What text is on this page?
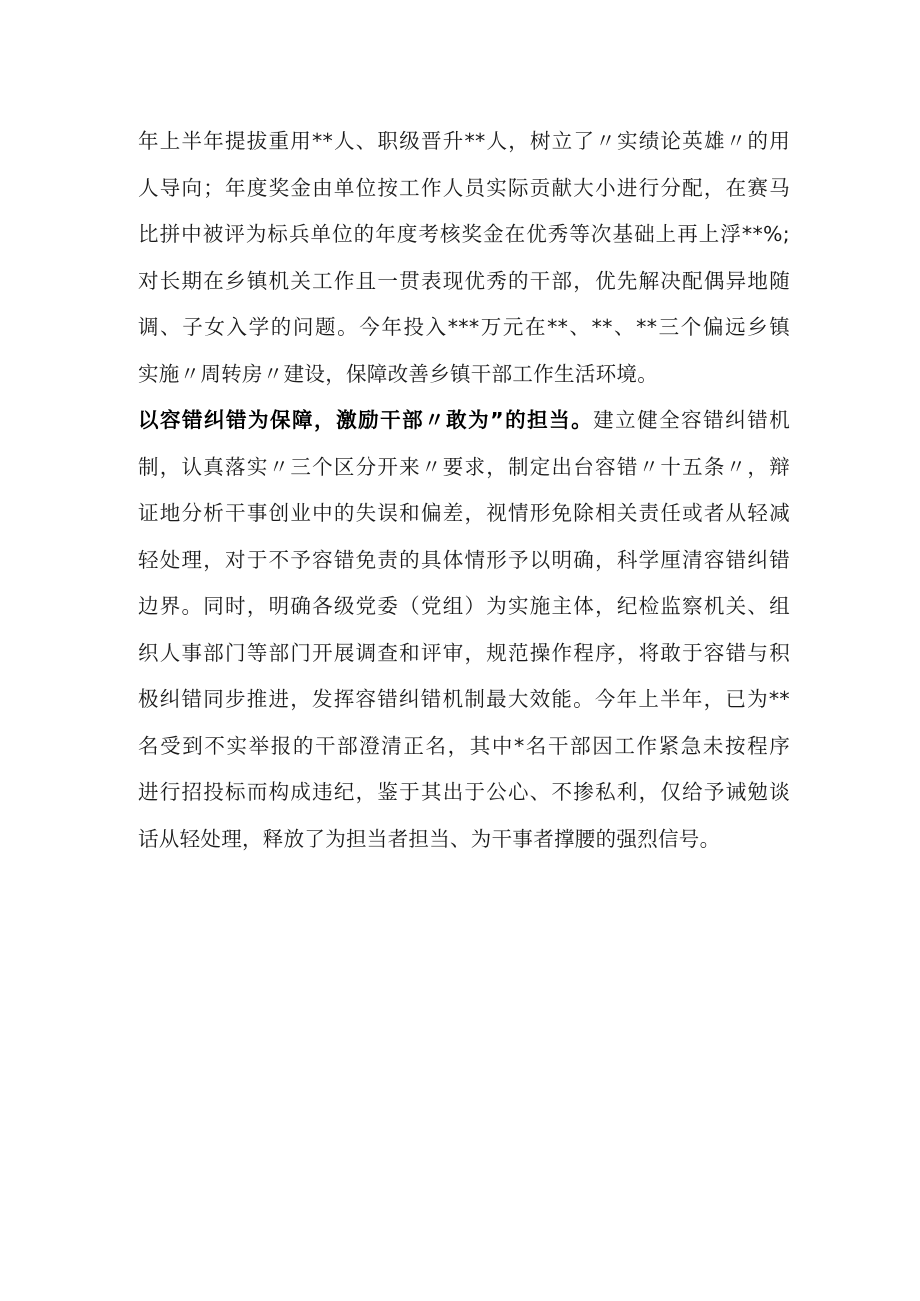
年上半年提拔重用**人、职级晋升**人，树立了〃实绩论英雄〃的用
人导向；年度奖金由单位按工作人员实际贡献大小进行分配，在赛马
比拼中被评为标兵单位的年度考核奖金在优秀等次基础上再上浮**%;
对长期在乡镇机关工作且一贯表现优秀的干部，优先解决配偶异地随
调、子女入学的问题。今年投入***万元在**、**、**三个偏远乡镇
实施〃周转房〃建设，保障改善乡镇干部工作生活环境。
以容错纠错为保障，激励干部〃敢为”的担当。建立健全容错纠错机
制，认真落实〃三个区分开来〃要求，制定出台容错〃十五条〃，辩
证地分析干事创业中的失误和偏差，视情形免除相关责任或者从轻减
轻处理，对于不予容错免责的具体情形予以明确，科学厘清容错纠错
边界。同时，明确各级党委（党组）为实施主体，纪检监察机关、组
织人事部门等部门开展调查和评审，规范操作程序，将敢于容错与积
极纠错同步推进，发挥容错纠错机制最大效能。今年上半年，已为**
名受到不实举报的干部澄清正名，其中*名干部因工作紧急未按程序
进行招投标而构成违纪，鉴于其出于公心、不掺私利，仅给予诫勉谈
话从轻处理，释放了为担当者担当、为干事者撑腰的强烈信号。
